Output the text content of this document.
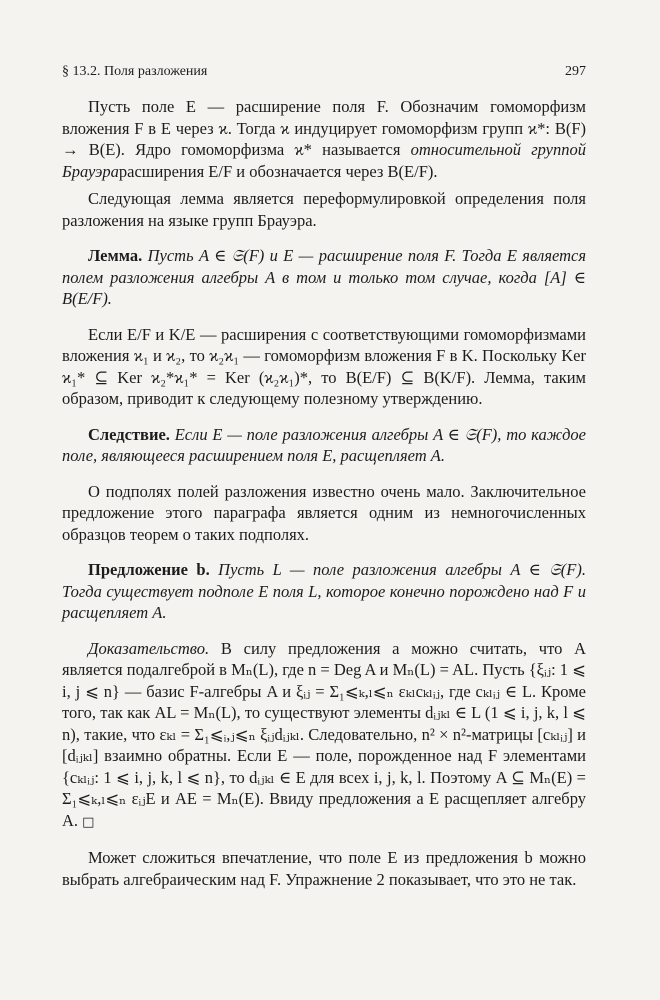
§ 13.2. Поля разложения	297

Пусть поле E — расширение поля F. Обозначим гомоморфизм вложения F в E через ϰ. Тогда ϰ индуцирует гомоморфизм групп ϰ*: B(F) → B(E). Ядро гомоморфизма ϰ* называется относительной группой Брауэрарасширения E/F и обозначается через B(E/F).

Следующая лемма является переформулировкой определения поля разложения на языке групп Брауэра.

Лемма. Пусть A ∈ 𝔖(F) и E — расширение поля F. Тогда E является полем разложения алгебры A в том и только том случае, когда [A] ∈ B(E/F).

Если E/F и K/E — расширения с соответствующими гомоморфизмами вложения ϰ₁ и ϰ₂, то ϰ₂ϰ₁ — гомоморфизм вложения F в K. Поскольку Ker ϰ₁* ⊆ Ker ϰ₂*ϰ₁* = Ker (ϰ₂ϰ₁)*, то B(E/F) ⊆ B(K/F). Лемма, таким образом, приводит к следующему полезному утверждению.

Следствие. Если E — поле разложения алгебры A ∈ 𝔖(F), то каждое поле, являющееся расширением поля E, расщепляет A.

О подполях полей разложения известно очень мало. Заключительное предложение этого параграфа является одним из немногочисленных образцов теорем о таких подполях.

Предложение b. Пусть L — поле разложения алгебры A ∈ 𝔖(F). Тогда существует подполе E поля L, которое конечно порождено над F и расщепляет A.

Доказательство. В силу предложения a можно считать, что A является подалгеброй в Mₙ(L), где n = Deg A и Mₙ(L) = AL. Пусть {ξᵢⱼ: 1 ⩽ i, j ⩽ n} — базис F-алгебры A и ξᵢⱼ = Σ₁⩽ₖ,ₗ⩽ₙ εₖₗcₖₗᵢⱼ, где cₖₗᵢⱼ ∈ L. Кроме того, так как AL = Mₙ(L), то существуют элементы dᵢⱼₖₗ ∈ L (1 ⩽ i, j, k, l ⩽ n), такие, что εₖₗ = Σ₁⩽ᵢ,ⱼ⩽ₙ ξᵢⱼdᵢⱼₖₗ. Следовательно, n² × n²-матрицы [cₖₗᵢⱼ] и [dᵢⱼₖₗ] взаимно обратны. Если E — поле, порожденное над F элементами {cₖₗᵢⱼ: 1 ⩽ i, j, k, l ⩽ n}, то dᵢⱼₖₗ ∈ E для всех i, j, k, l. Поэтому A ⊆ Mₙ(E) = Σ₁⩽ₖ,ₗ⩽ₙ εᵢⱼE и AE = Mₙ(E). Ввиду предложения a E расщепляет алгебру A. □

Может сложиться впечатление, что поле E из предложения b можно выбрать алгебраическим над F. Упражнение 2 показывает, что это не так.
